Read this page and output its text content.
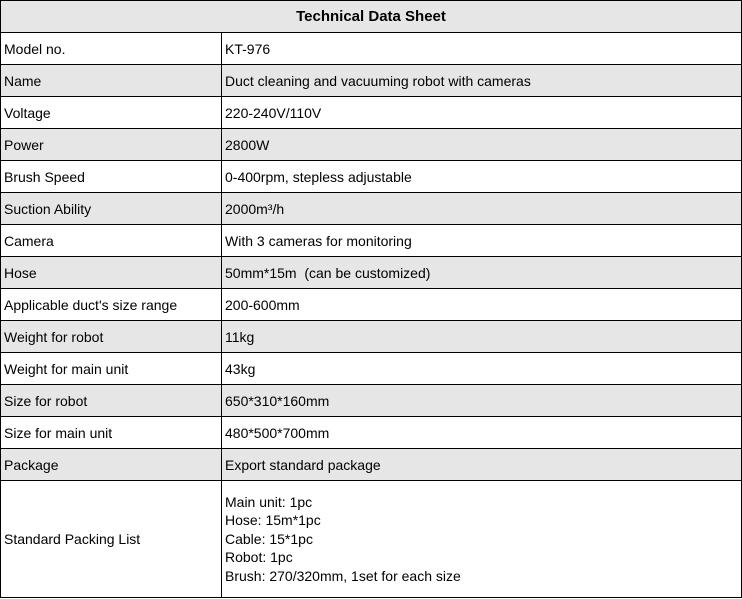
Technical Data Sheet	
Model no.	KT-976
Name	Duct cleaning and vacuuming robot with cameras
Voltage	220-240V/110V
Power	2800W
Brush Speed	0-400rpm, stepless adjustable
Suction Ability	2000m³/h
Camera	With 3 cameras for monitoring
Hose	50mm*15m  (can be customized)
Applicable duct's size range	200-600mm
Weight for robot	11kg
Weight for main unit	43kg
Size for robot	650*310*160mm
Size for main unit	480*500*700mm
Package	Export standard package
Standard Packing List	Main unit: 1pc
Hose: 15m*1pc
Cable: 15*1pc
Robot: 1pc
Brush: 270/320mm, 1set for each size
